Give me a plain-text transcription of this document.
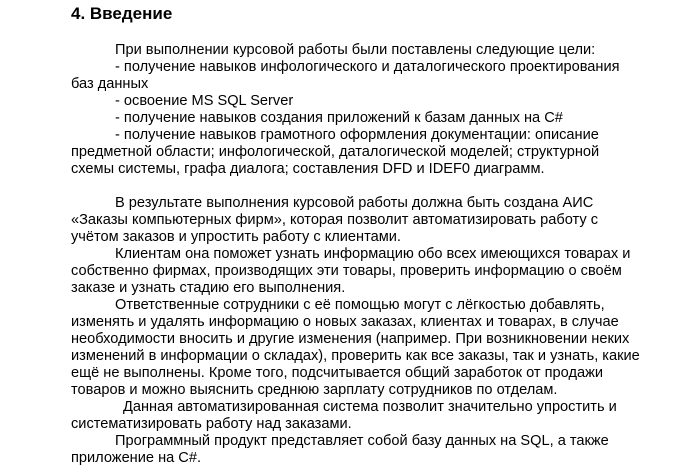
4. Введение

При выполнении курсовой работы были поставлены следующие цели:

- получение навыков инфологического и даталогического проектирования

баз данных

- освоение MS SQL Server

- получение навыков создания приложений к базам данных на C#

- получение навыков грамотного оформления документации: описание

предметной области; инфологической, даталогической моделей; структурной

схемы системы, графа диалога; составления DFD и IDEF0 диаграмм.

В результате выполнения курсовой работы должна быть создана АИС

«Заказы компьютерных фирм», которая позволит автоматизировать работу с

учётом заказов и упростить работу с клиентами.

Клиентам она поможет узнать информацию обо всех имеющихся товарах и

собственно фирмах, производящих эти товары, проверить информацию о своём

заказе и узнать стадию его выполнения.

Ответственные сотрудники с её помощью могут с лёгкостью добавлять,

изменять и удалять информацию о новых заказах, клиентах и товарах, в случае

необходимости вносить и другие изменения (например. При возникновении неких

изменений в информации о складах), проверить как все заказы, так и узнать, какие

ещё не выполнены. Кроме того, подсчитывается общий заработок от продажи

товаров и можно выяснить среднюю зарплату сотрудников по отделам.

Данная автоматизированная система позволит значительно упростить и

систематизировать работу над заказами.

Программный продукт представляет собой базу данных на SQL, а также

приложение на C#.
